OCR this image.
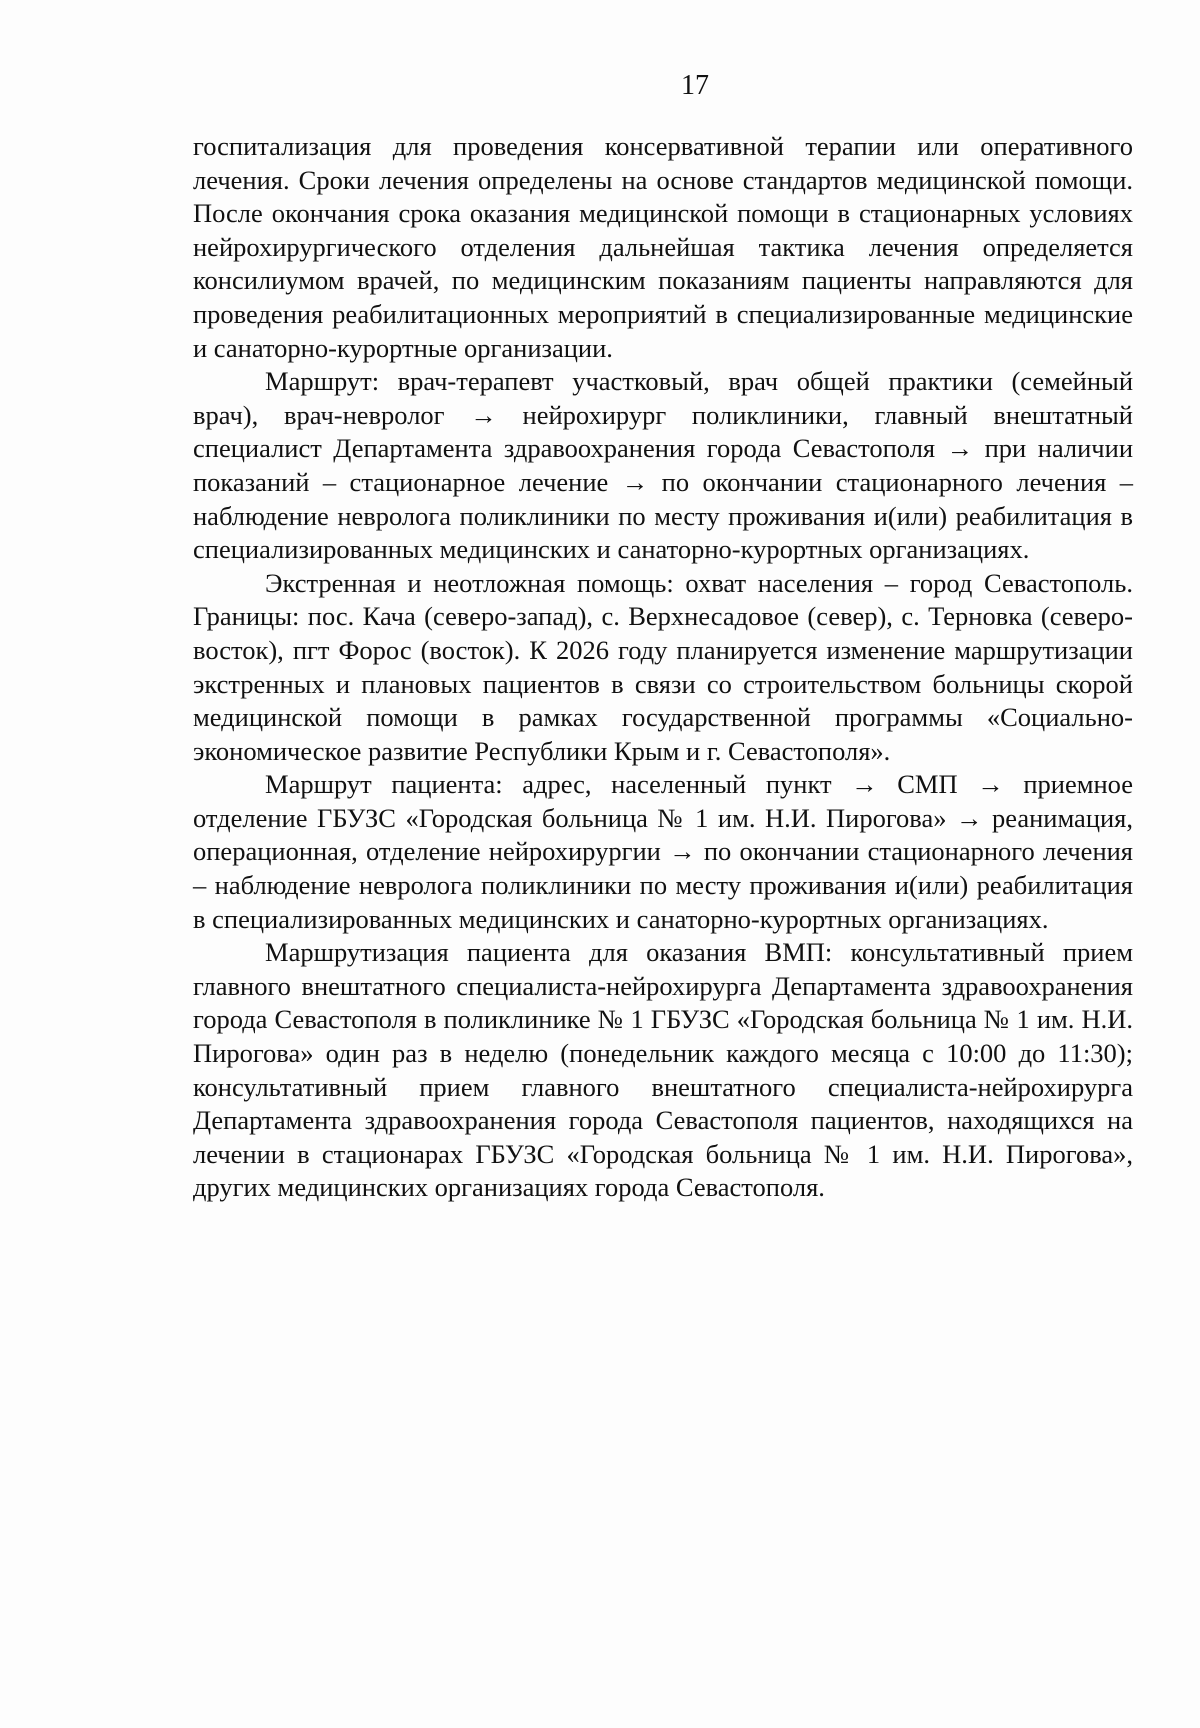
17

госпитализация для проведения консервативной терапии или оперативного лечения. Сроки лечения определены на основе стандартов медицинской помощи. После окончания срока оказания медицинской помощи в стационарных условиях нейрохирургического отделения дальнейшая тактика лечения определяется консилиумом врачей, по медицинским показаниям пациенты направляются для проведения реабилитационных мероприятий в специализированные медицинские и санаторно-курортные организации.

Маршрут: врач-терапевт участковый, врач общей практики (семейный врач), врач-невролог → нейрохирург поликлиники, главный внештатный специалист Департамента здравоохранения города Севастополя → при наличии показаний – стационарное лечение → по окончании стационарного лечения – наблюдение невролога поликлиники по месту проживания и(или) реабилитация в специализированных медицинских и санаторно-курортных организациях.

Экстренная и неотложная помощь: охват населения – город Севастополь. Границы: пос. Кача (северо-запад), с. Верхнесадовое (север), с. Терновка (северо-восток), пгт Форос (восток). К 2026 году планируется изменение маршрутизации экстренных и плановых пациентов в связи со строительством больницы скорой медицинской помощи в рамках государственной программы «Социально-экономическое развитие Республики Крым и г. Севастополя».

Маршрут пациента: адрес, населенный пункт → СМП → приемное отделение ГБУЗС «Городская больница № 1 им. Н.И. Пирогова» → реанимация, операционная, отделение нейрохирургии → по окончании стационарного лечения – наблюдение невролога поликлиники по месту проживания и(или) реабилитация в специализированных медицинских и санаторно-курортных организациях.

Маршрутизация пациента для оказания ВМП: консультативный прием главного внештатного специалиста-нейрохирурга Департамента здравоохранения города Севастополя в поликлинике № 1 ГБУЗС «Городская больница № 1 им. Н.И. Пирогова» один раз в неделю (понедельник каждого месяца с 10:00 до 11:30); консультативный прием главного внештатного специалиста-нейрохирурга Департамента здравоохранения города Севастополя пациентов, находящихся на лечении в стационарах ГБУЗС «Городская больница № 1 им. Н.И. Пирогова», других медицинских организациях города Севастополя.
